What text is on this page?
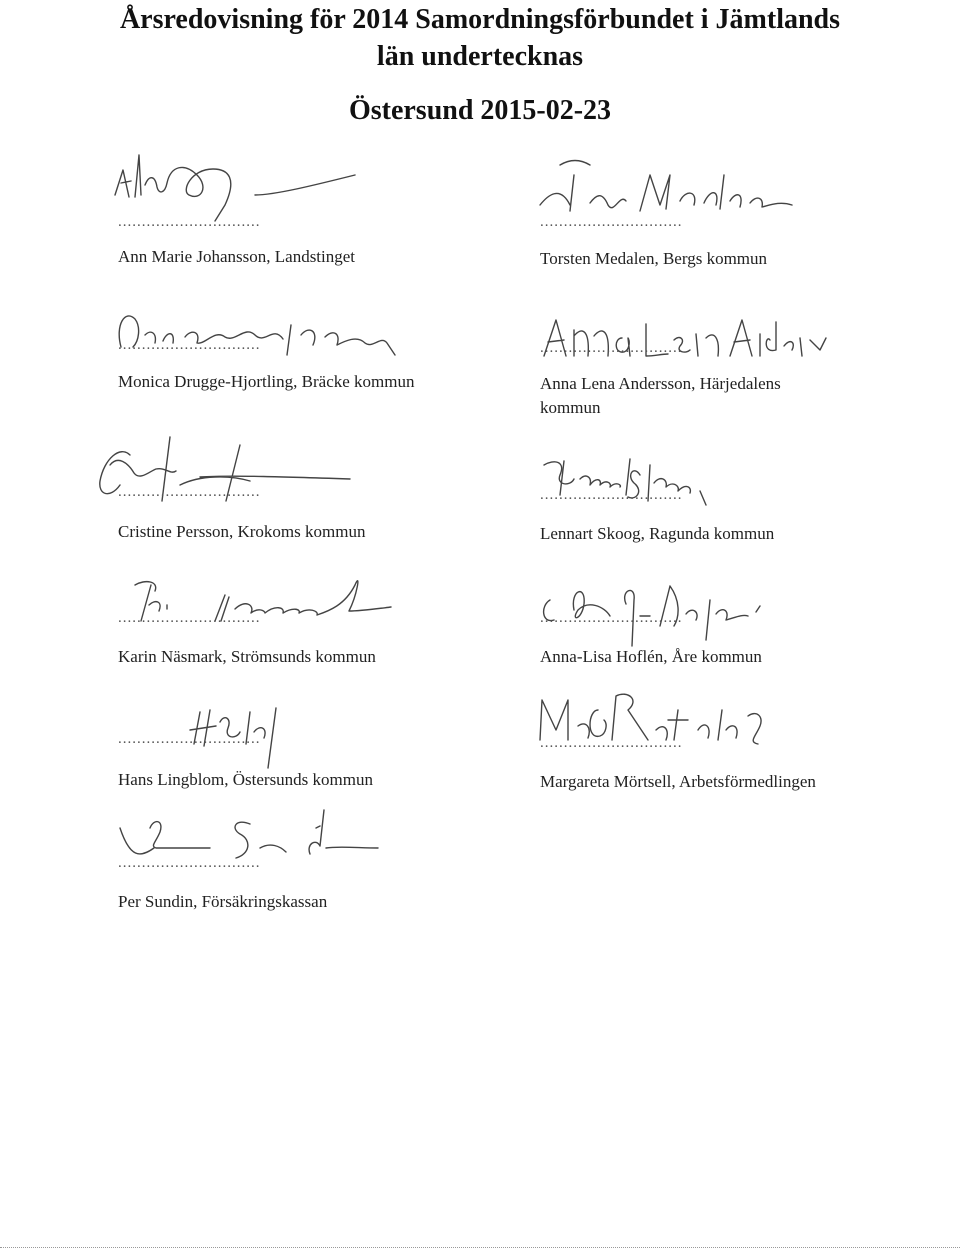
Årsredovisning för 2014 Samordningsförbundet i Jämtlands
län undertecknas
Östersund 2015-02-23
..............................
Ann Marie Johansson, Landstinget
..............................
Torsten Medalen, Bergs kommun
..............................
Monica Drugge-Hjortling, Bräcke kommun
..............................
Anna Lena Andersson, Härjedalens kommun
..............................
Cristine Persson, Krokoms kommun
..............................
Lennart Skoog, Ragunda kommun
..............................
Karin Näsmark, Strömsunds kommun
..............................
Anna-Lisa Hoflén, Åre kommun
..............................
Hans Lingblom, Östersunds kommun
..............................
Margareta Mörtsell, Arbetsförmedlingen
..............................
Per Sundin, Försäkringskassan
